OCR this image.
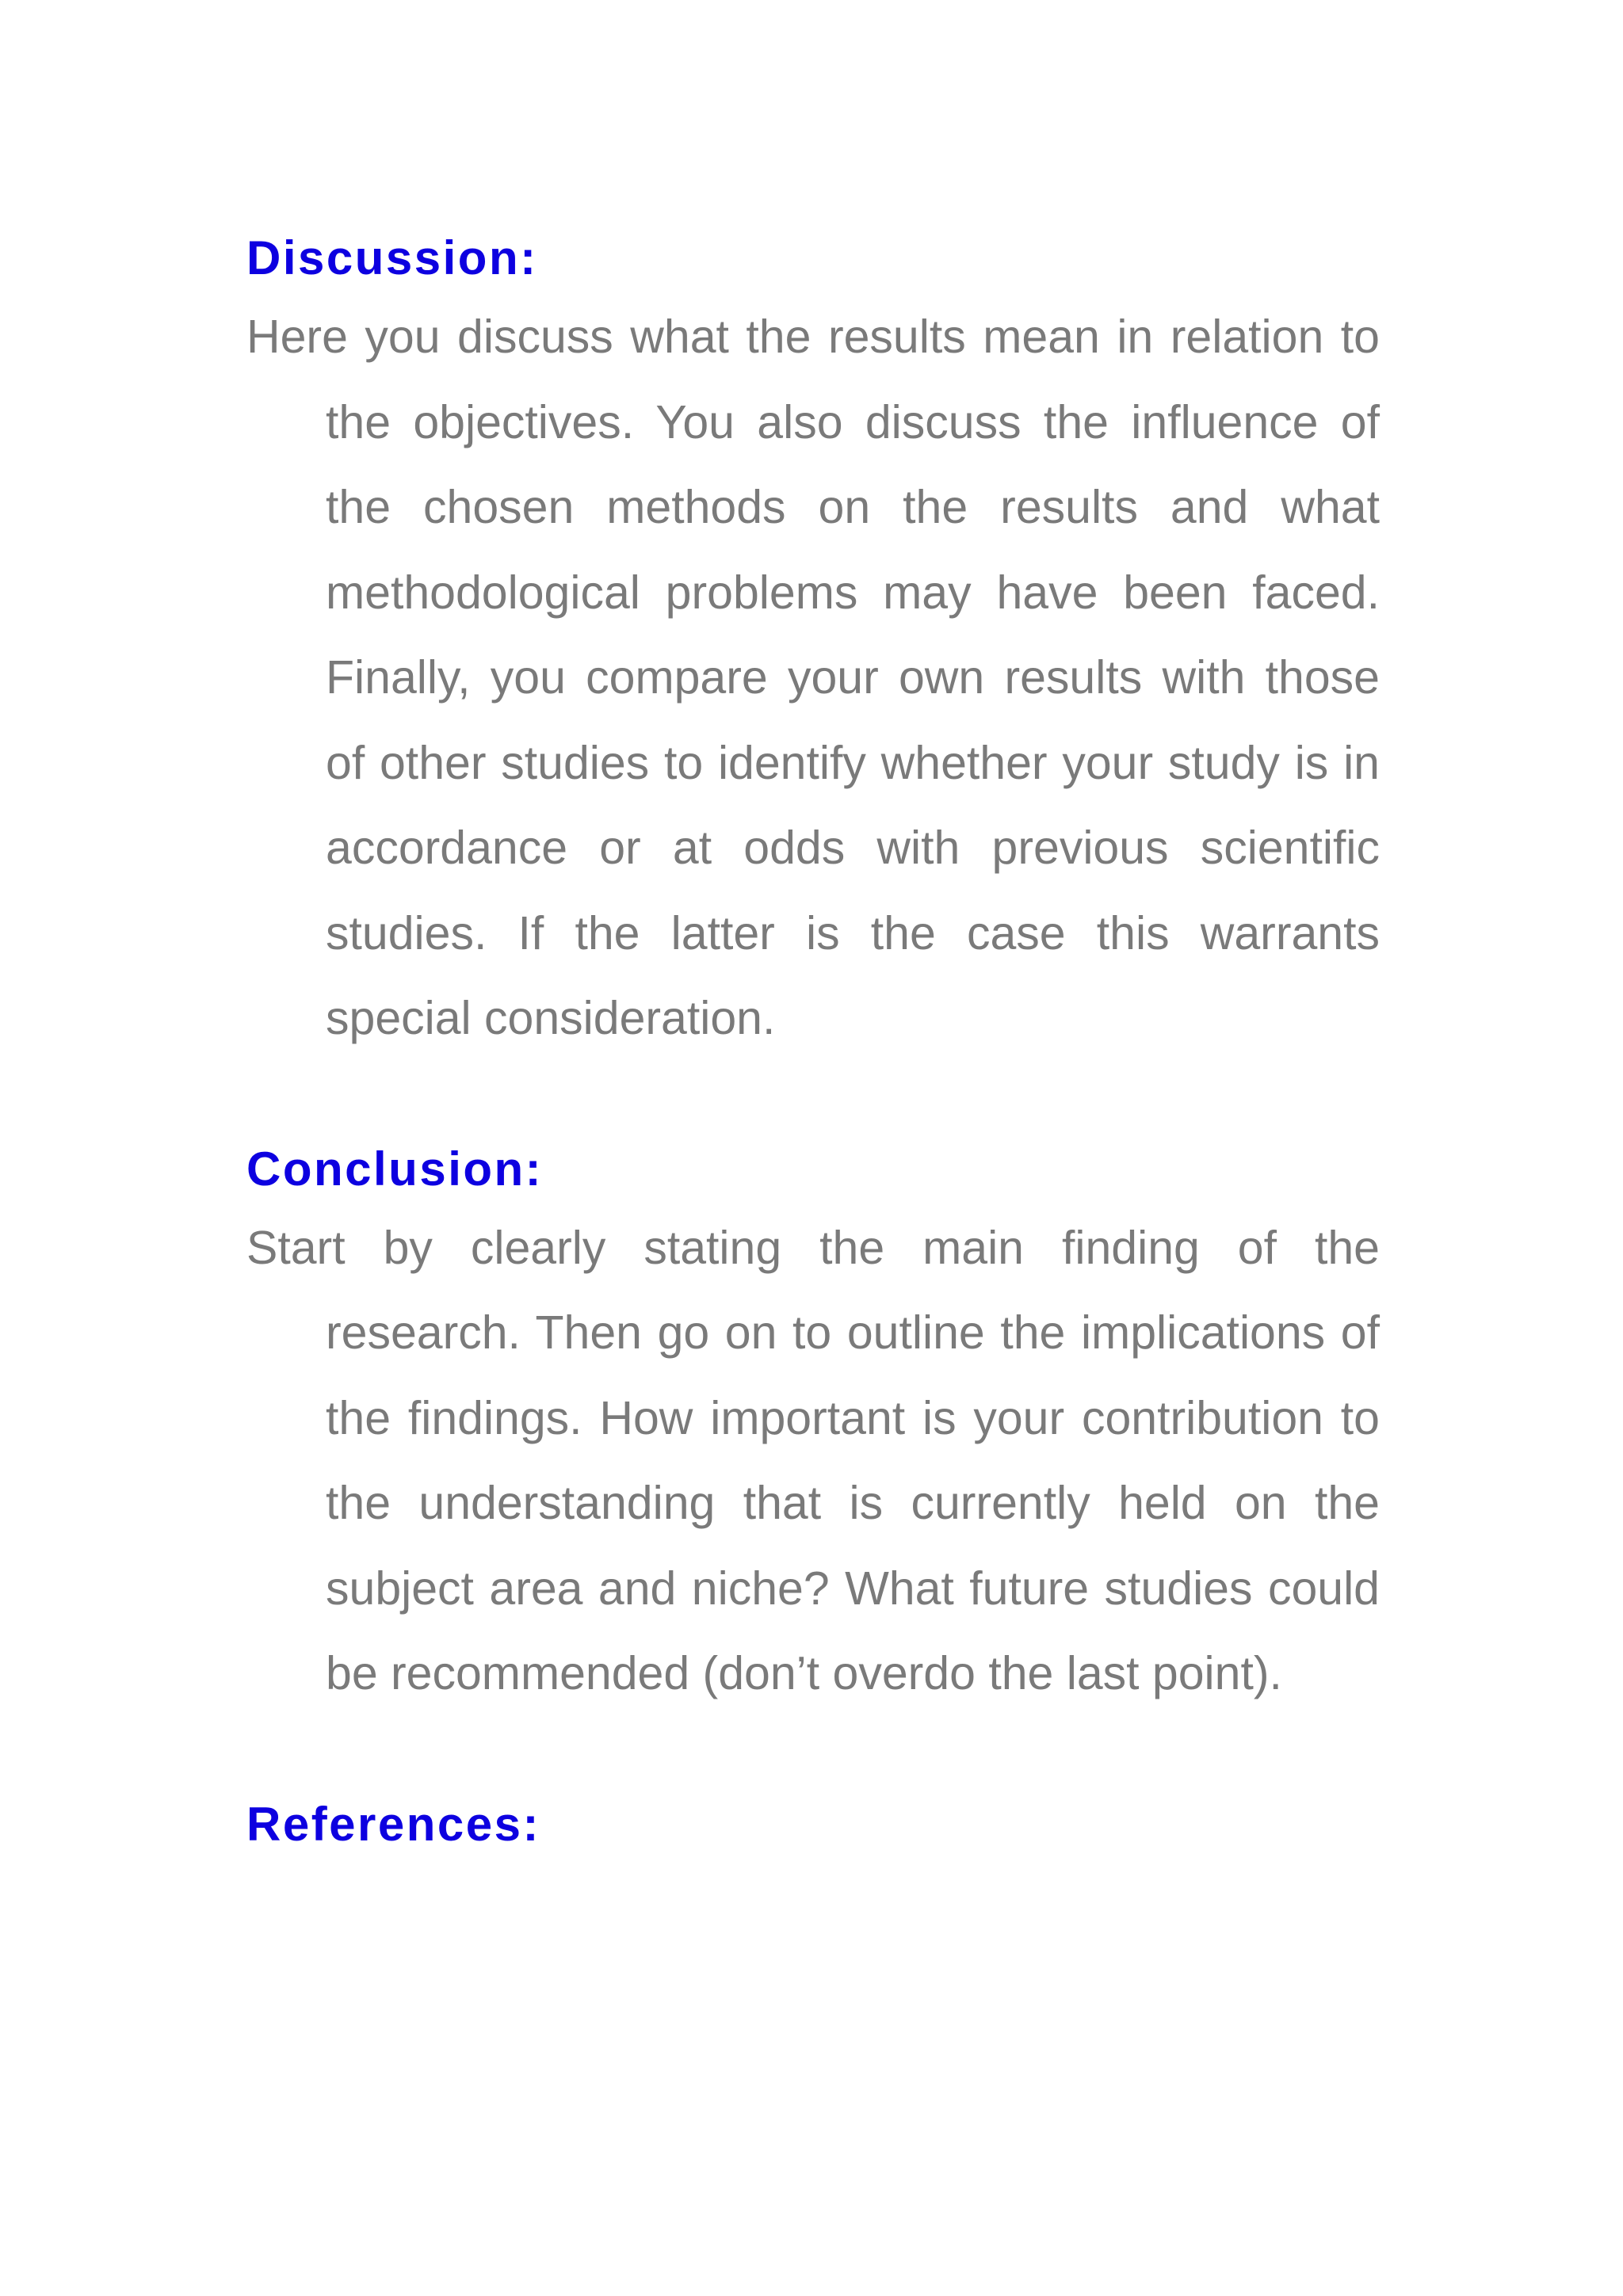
Discussion:

Here you discuss what the results mean in relation to the objectives. You also discuss the influence of the chosen methods on the results and what methodological problems may have been faced. Finally, you compare your own results with those of other studies to identify whether your study is in accordance or at odds with previous scientific studies. If the latter is the case this warrants special consideration.

Conclusion:

Start by clearly stating the main finding of the research. Then go on to outline the implications of the findings. How important is your contribution to the understanding that is currently held on the subject area and niche? What future studies could be recommended (don’t overdo the last point).

References:
